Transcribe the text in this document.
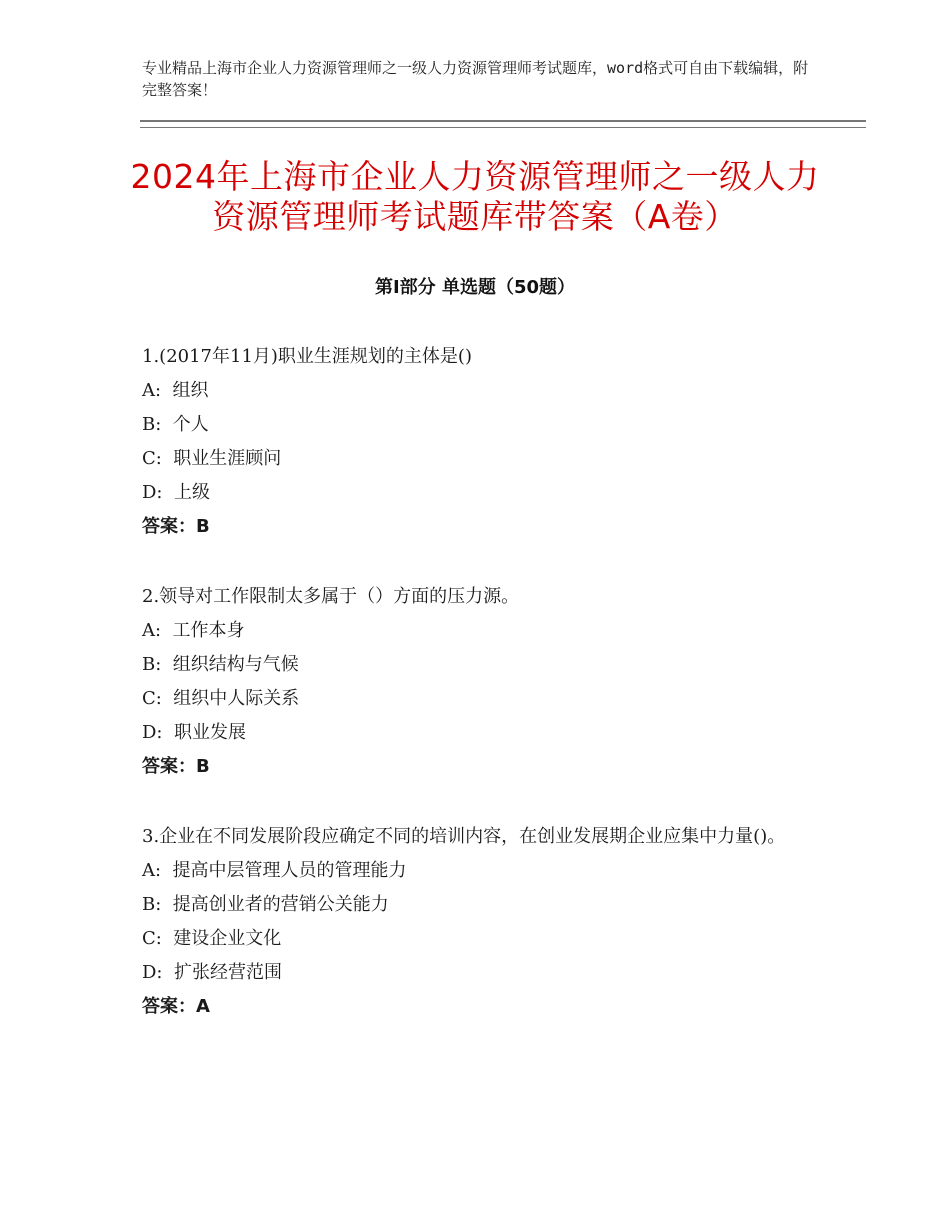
专业精品上海市企业人力资源管理师之一级人力资源管理师考试题库，word格式可自由下载编辑，附完整答案！
2024年上海市企业人力资源管理师之一级人力资源管理师考试题库带答案（A卷）
第Ⅰ部分 单选题（50题）

1.(2017年11月)职业生涯规划的主体是()

A:  组织

B:  个人

C:  职业生涯顾问

D:  上级

答案：B

2.领导对工作限制太多属于（）方面的压力源。

A:  工作本身

B:  组织结构与气候

C:  组织中人际关系

D:  职业发展

答案：B

3.企业在不同发展阶段应确定不同的培训内容，在创业发展期企业应集中力量()。

A:  提高中层管理人员的管理能力

B:  提高创业者的营销公关能力

C:  建设企业文化

D:  扩张经营范围

答案：A
